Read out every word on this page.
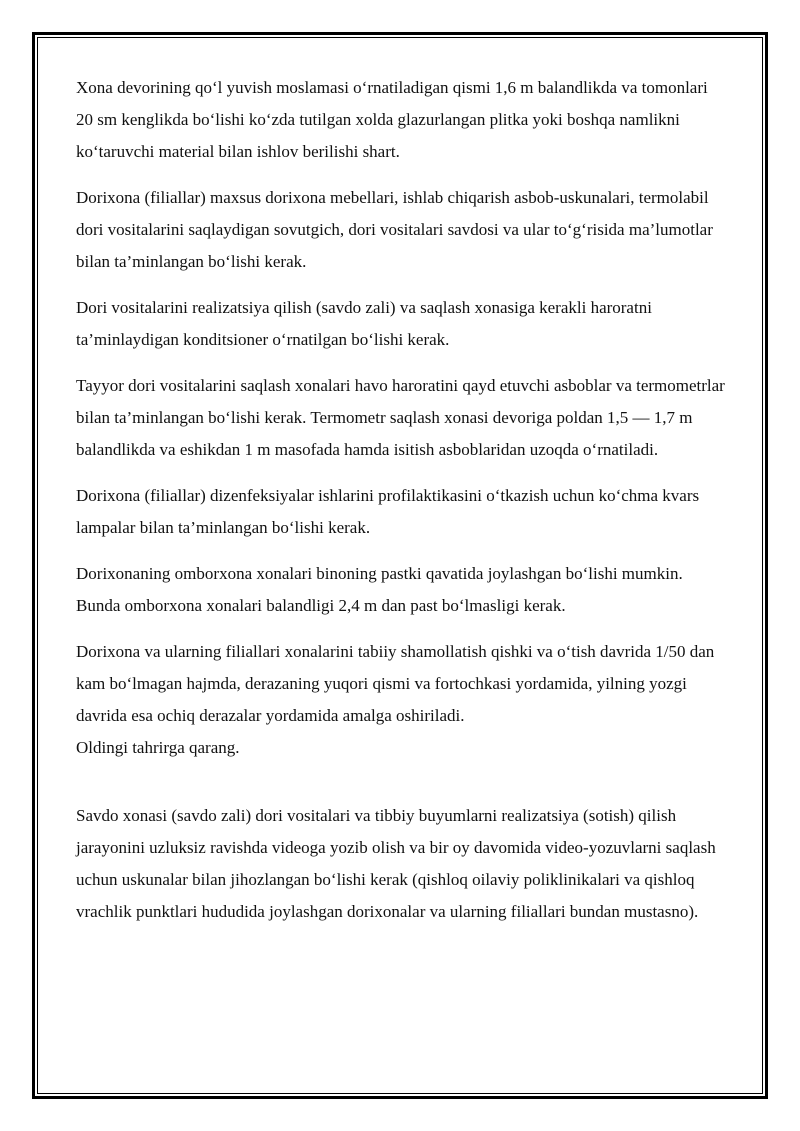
Xona devorining qo‘l yuvish moslamasi o‘rnatiladigan qismi 1,6 m balandlikda va tomonlari 20 sm kenglikda bo‘lishi ko‘zda tutilgan xolda glazurlangan plitka yoki boshqa namlikni ko‘taruvchi material bilan ishlov berilishi shart.

Dorixona (filiallar) maxsus dorixona mebellari, ishlab chiqarish asbob-uskunalari, termolabil dori vositalarini saqlaydigan sovutgich, dori vositalari savdosi va ular to‘g‘risida ma’lumotlar bilan ta’minlangan bo‘lishi kerak.

Dori vositalarini realizatsiya qilish (savdo zali) va saqlash xonasiga kerakli haroratni ta’minlaydigan konditsioner o‘rnatilgan bo‘lishi kerak.

Tayyor dori vositalarini saqlash xonalari havo haroratini qayd etuvchi asboblar va termometrlar bilan ta’minlangan bo‘lishi kerak. Termometr saqlash xonasi devoriga poldan 1,5 — 1,7 m balandlikda va eshikdan 1 m masofada hamda isitish asboblaridan uzoqda o‘rnatiladi.

Dorixona (filiallar) dizenfeksiyalar ishlarini profilaktikasini o‘tkazish uchun ko‘chma kvars lampalar bilan ta’minlangan bo‘lishi kerak.

Dorixonaning omborxona xonalari binoning pastki qavatida joylashgan bo‘lishi mumkin. Bunda omborxona xonalari balandligi 2,4 m dan past bo‘lmasligi kerak.

Dorixona va ularning filiallari xonalarini tabiiy shamollatish qishki va o‘tish davrida 1/50 dan kam bo‘lmagan hajmda, derazaning yuqori qismi va fortochkasi yordamida, yilning yozgi davrida esa ochiq derazalar yordamida amalga oshiriladi.

Oldingi tahrirga qarang.

Savdo xonasi (savdo zali) dori vositalari va tibbiy buyumlarni realizatsiya (sotish) qilish jarayonini uzluksiz ravishda videoga yozib olish va bir oy davomida video-yozuvlarni saqlash uchun uskunalar bilan jihozlangan bo‘lishi kerak (qishloq oilaviy poliklinikalari va qishloq vrachlik punktlari hududida joylashgan dorixonalar va ularning filiallari bundan mustasno).
